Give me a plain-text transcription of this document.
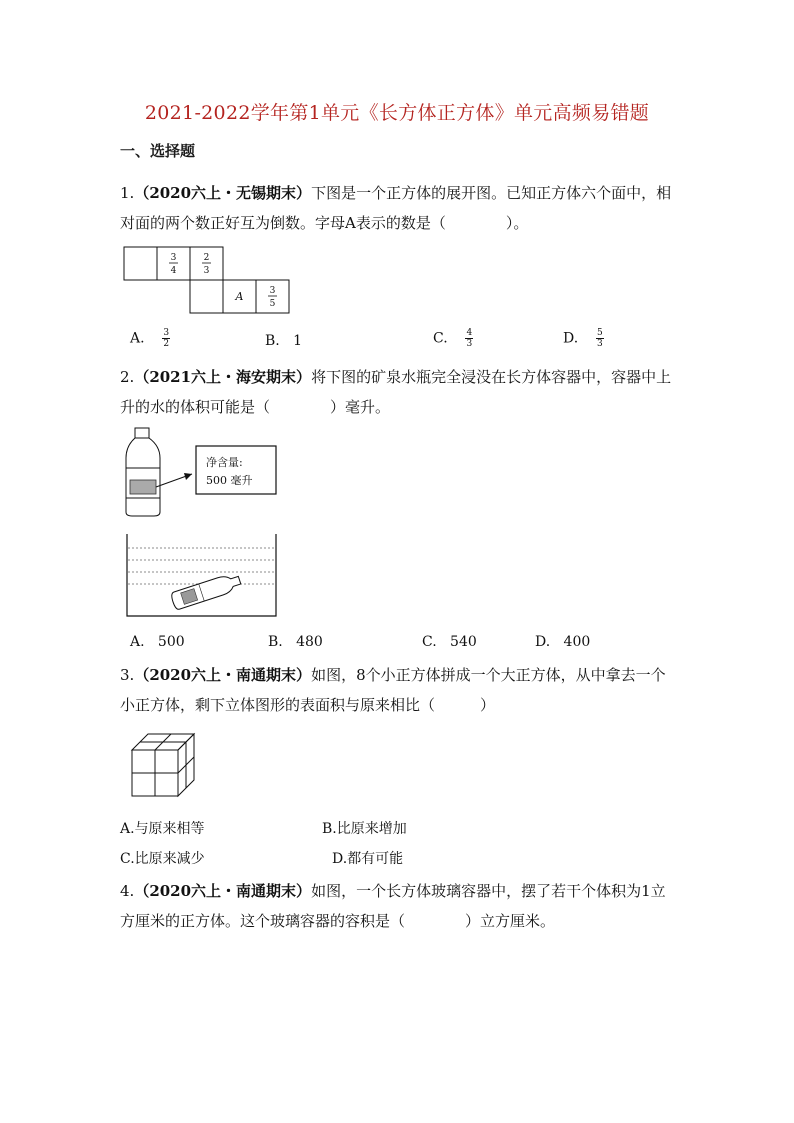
2021-2022学年第1单元《长方体正方体》单元高频易错题
一、选择题
1.（2020六上・无锡期末）下图是一个正方体的展开图。已知正方体六个面中，相对面的两个数正好互为倒数。字母A表示的数是（　　　　）。
3
4
2
3
A	3
5
A. $\frac{3}{2}$	B. 1	C. $\frac{4}{3}$	D. $\frac{5}{3}$
2.（2021六上・海安期末）将下图的矿泉水瓶完全浸没在长方体容器中，容器中上升的水的体积可能是（　　　　）毫升。
净含量:
500 毫升
A. 500	B. 480	C. 540	D. 400
3.（2020六上・南通期末）如图，8个小正方体拼成一个大正方体，从中拿去一个小正方体，剩下立体图形的表面积与原来相比（　　　）
A.与原来相等	B.比原来增加
C.比原来减少	D.都有可能
4.（2020六上・南通期末）如图，一个长方体玻璃容器中，摆了若干个体积为1立方厘米的正方体。这个玻璃容器的容积是（　　　　）立方厘米。
